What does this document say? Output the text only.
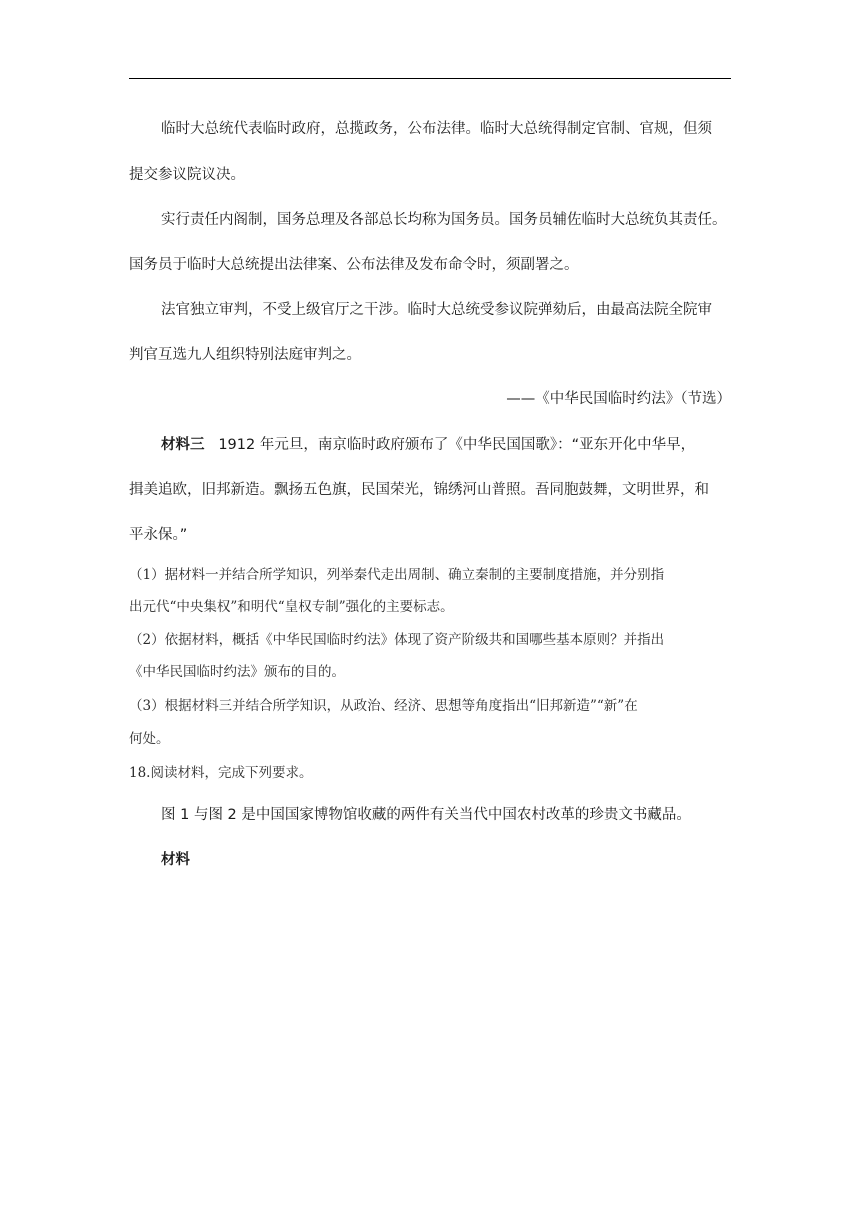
临时大总统代表临时政府，总揽政务，公布法律。临时大总统得制定官制、官规，但须
提交参议院议决。
实行责任内阁制，国务总理及各部总长均称为国务员。国务员辅佐临时大总统负其责任。
国务员于临时大总统提出法律案、公布法律及发布命令时，须副署之。
法官独立审判，不受上级官厅之干涉。临时大总统受参议院弹劾后，由最高法院全院审
判官互选九人组织特别法庭审判之。
——《中华民国临时约法》（节选）
材料三 1912 年元旦，南京临时政府颁布了《中华民国国歌》：“亚东开化中华早，
揖美追欧，旧邦新造。飘扬五色旗，民国荣光，锦绣河山普照。吾同胞鼓舞，文明世界，和
平永保。”
（1）据材料一并结合所学知识，列举秦代走出周制、确立秦制的主要制度措施，并分别指
出元代“中央集权”和明代“皇权专制”强化的主要标志。
（2）依据材料，概括《中华民国临时约法》体现了资产阶级共和国哪些基本原则？并指出
《中华民国临时约法》颁布的目的。
（3）根据材料三并结合所学知识，从政治、经济、思想等角度指出“旧邦新造”“新”在
何处。
18.阅读材料，完成下列要求。
图 1 与图 2 是中国国家博物馆收藏的两件有关当代中国农村改革的珍贵文书藏品。
材料
